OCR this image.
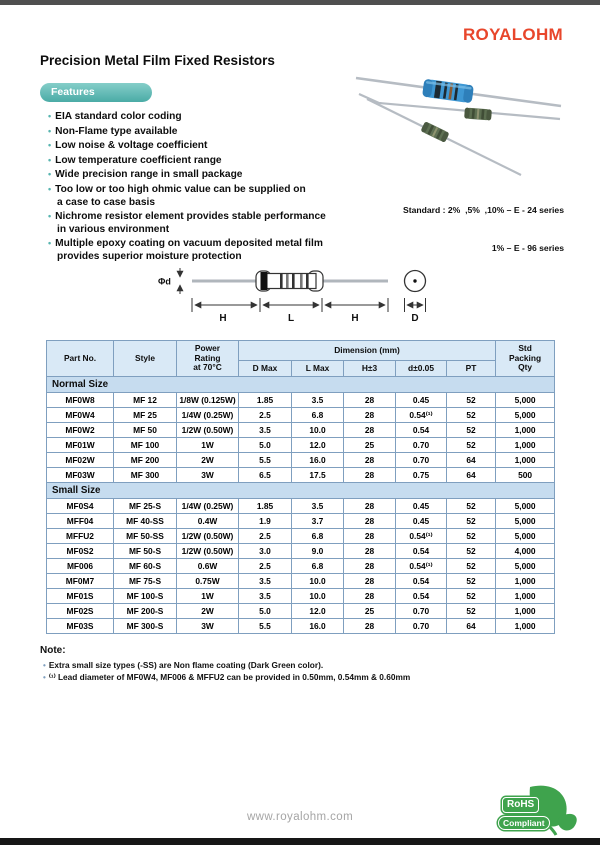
ROYALOHM
Precision Metal Film Fixed Resistors
Features
• EIA standard color coding
• Non-Flame type available
• Low noise & voltage coefficient
• Low temperature coefficient range
• Wide precision range in small package
• Too low or too high ohmic value can be supplied on
a case to case basis
• Nichrome resistor element provides stable performance
in various environment
• Multiple epoxy coating on vacuum deposited metal film
provides superior moisture protection

Standard : 2%  ,5%  ,10% – E - 24 series

1% – E - 96 series

Φd
H	L	H	D
Part No.	Style	Power
Rating
at 70°C	Dimension (mm)					Std
Packing
Qty
			D Max	L Max	H±3	d±0.05	PT	
Normal Size								
MF0W8	MF 12	1/8W (0.125W)	1.85	3.5	28	0.45	52	5,000
MF0W4	MF 25	1/4W (0.25W)	2.5	6.8	28	0.54⁽¹⁾	52	5,000
MF0W2	MF 50	1/2W (0.50W)	3.5	10.0	28	0.54	52	1,000
MF01W	MF 100	1W	5.0	12.0	25	0.70	52	1,000
MF02W	MF 200	2W	5.5	16.0	28	0.70	64	1,000
MF03W	MF 300	3W	6.5	17.5	28	0.75	64	500
Small Size								
MF0S4	MF 25-S	1/4W (0.25W)	1.85	3.5	28	0.45	52	5,000
MFF04	MF 40-SS	0.4W	1.9	3.7	28	0.45	52	5,000
MFFU2	MF 50-SS	1/2W (0.50W)	2.5	6.8	28	0.54⁽¹⁾	52	5,000
MF0S2	MF 50-S	1/2W (0.50W)	3.0	9.0	28	0.54	52	4,000
MF006	MF 60-S	0.6W	2.5	6.8	28	0.54⁽¹⁾	52	5,000
MF0M7	MF 75-S	0.75W	3.5	10.0	28	0.54	52	1,000
MF01S	MF 100-S	1W	3.5	10.0	28	0.54	52	1,000
MF02S	MF 200-S	2W	5.0	12.0	25	0.70	52	1,000
MF03S	MF 300-S	3W	5.5	16.0	28	0.70	64	1,000
Note:
• Extra small size types (-SS) are Non flame coating (Dark Green color).
• ⁽¹⁾ Lead diameter of MF0W4, MF006 & MFFU2 can be provided in 0.50mm, 0.54mm & 0.60mm
www.royalohm.com
RoHS
Compliant
